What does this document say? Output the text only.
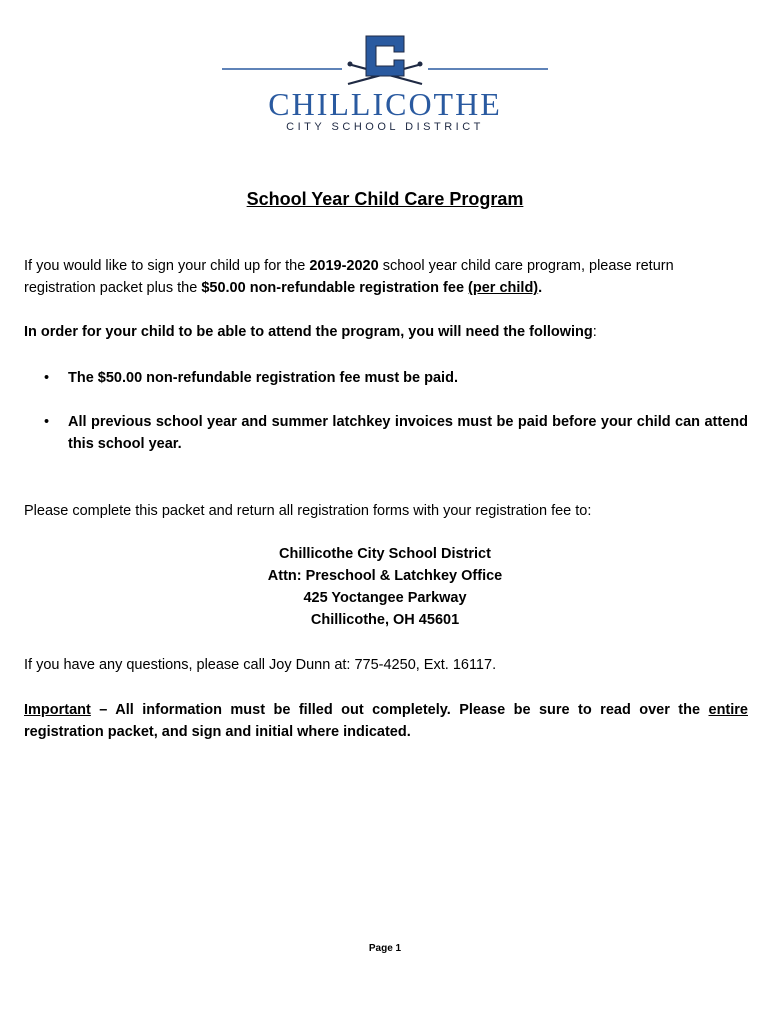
CHILLICOTHE
CITY SCHOOL DISTRICT
School Year Child Care Program

If you would like to sign your child up for the 2019-2020 school year child care program, please return registration packet plus the $50.00 non-refundable registration fee (per child).

In order for your child to be able to attend the program, you will need the following:

•	The $50.00 non-refundable registration fee must be paid.
•	All previous school year and summer latchkey invoices must be paid before your child can attend this school year.

Please complete this packet and return all registration forms with your registration fee to:

Chillicothe City School District
Attn: Preschool & Latchkey Office
425 Yoctangee Parkway
Chillicothe, OH 45601

If you have any questions, please call Joy Dunn at: 775-4250, Ext. 16117.

Important – All information must be filled out completely. Please be sure to read over the entire registration packet, and sign and initial where indicated.

Page 1
